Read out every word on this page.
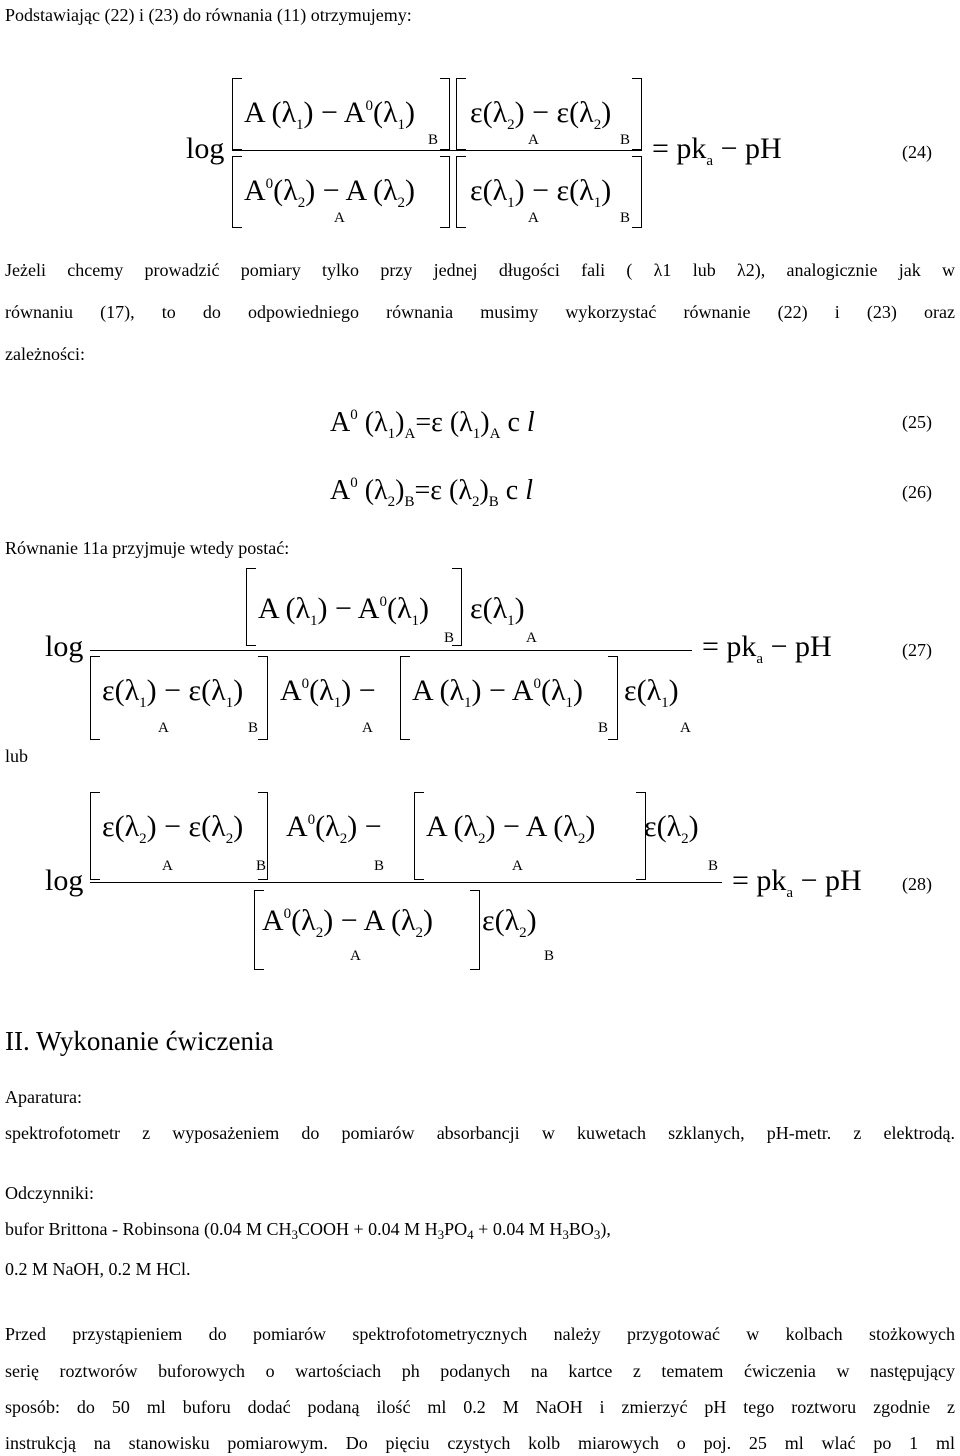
Podstawiając (22) i (23) do równania (11) otrzymujemy:
log
A $(\lambda_1) - A^0(\lambda_1)$
B
$\varepsilon(\lambda_2) - \varepsilon(\lambda_2)$
A	B
$A^0(\lambda_2) - A$ $(\lambda_2)$
A
$\varepsilon(\lambda_1) - \varepsilon(\lambda_1)$
A	B
= $pk_a$ − pH	(24)
Jeżeli chcemy prowadzić pomiary tylko przy jednej długości fali ( λ1 lub λ2), analogicznie jak w
równaniu (17), to do odpowiedniego równania musimy wykorzystać równanie (22) i (23) oraz
zależności:
$A^0$ $(\lambda_1)_A=\varepsilon$ $(\lambda_1)_A$ c l	(25)
$A^0$ $(\lambda_2)_B=\varepsilon$ $(\lambda_2)_B$ c l	(26)
Równanie 11a przyjmuje wtedy postać:
log
A $(\lambda_1) - A^0(\lambda_1)$
B
$\varepsilon(\lambda_1)$
A
$\varepsilon(\lambda_1) - \varepsilon(\lambda_1)$
A	B
$A^0(\lambda_1)$ −
A
A $(\lambda_1) - A^0(\lambda_1)$
B
$\varepsilon(\lambda_1)$
A
= $pk_a$ − pH	(27)
lub
log
$\varepsilon(\lambda_2) - \varepsilon(\lambda_2)$
A	B
$A^0(\lambda_2)$ −
B
A $(\lambda_2) - A$ $(\lambda_2)$
A
$\varepsilon(\lambda_2)$
B
$A^0(\lambda_2) - A$ $(\lambda_2)$
A
$\varepsilon(\lambda_2)$
B
= $pk_a$ − pH (28)
II. Wykonanie ćwiczenia
Aparatura:
spektrofotometr z wyposażeniem do pomiarów absorbancji w kuwetach szklanych, pH-metr. z elektrodą.
Odczynniki:
bufor Brittona - Robinsona (0.04 M $CH_3COOH + 0.04$ M $H_3PO_4 + 0.04$ M $H_3BO_3$),
0.2 M NaOH, 0.2 M HCl.
Przed przystąpieniem do pomiarów spektrofotometrycznych należy przygotować w kolbach stożkowych
serię roztworów buforowych o wartościach ph podanych na kartce z tematem ćwiczenia w następujący
sposób: do 50 ml buforu dodać podaną ilość ml 0.2 M NaOH i zmierzyć pH tego roztworu zgodnie z
instrukcją na stanowisku pomiarowym. Do pięciu czystych kolb miarowych o poj. 25 ml wlać po 1 ml
